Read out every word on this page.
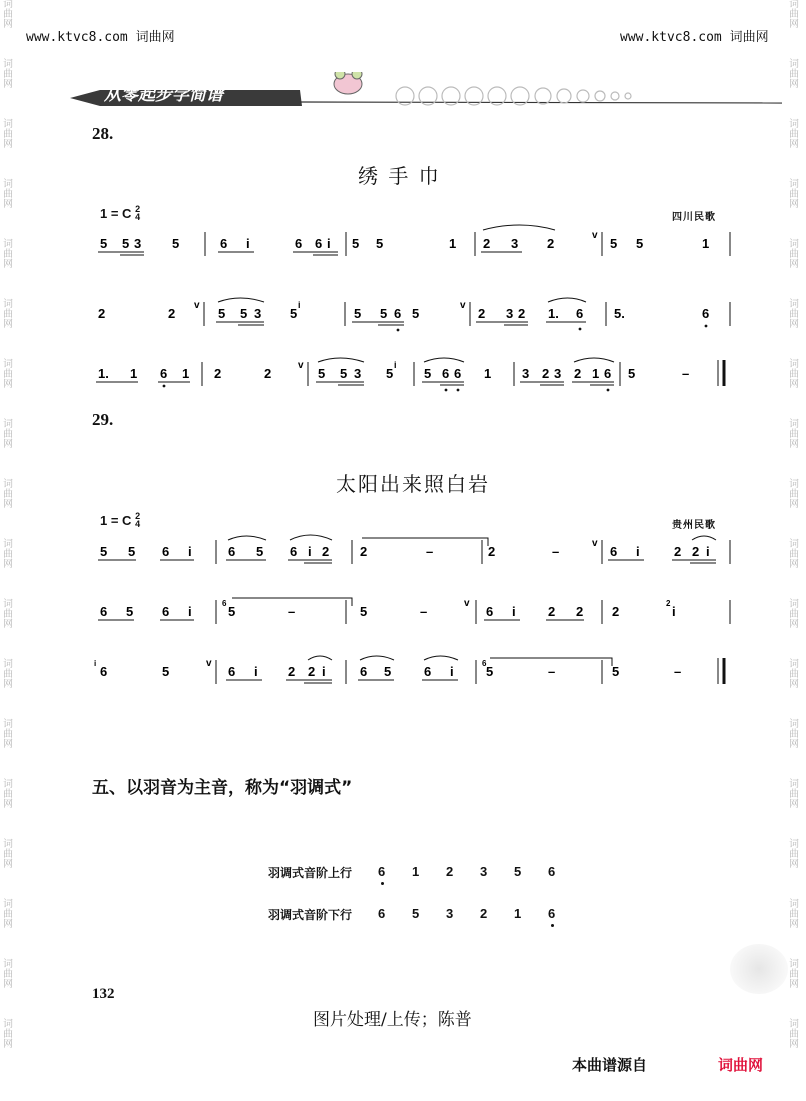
词
曲
网
词
曲
网
词
曲
网
词
曲
网
词
曲
网
词
曲
网
词
曲
网
词
曲
网
词
曲
网
词
曲
网
词
曲
网
词
曲
网
词
曲
网
词
曲
网
词
曲
网
词
曲
网
词
曲
网
词
曲
网
词
曲
网
词
曲
网
词
曲
网
词
曲
网
词
曲
网
词
曲
网
词
曲
网
词
曲
网
词
曲
网
词
曲
网
词
曲
网
词
曲
网
词
曲
网
词
曲
网
词
曲
网
词
曲
网
词
曲
网
词
曲
网
www.ktvc8.com 词曲网	www.ktvc8.com 词曲网
从零起步学简谱
28.
绣 手 巾
1 = C 2
4	四川民歌
5 5 3 5	6 i	6 6 i 5 5	1 2 3 2
v
5 5	1
2	2
v
5 5 3 5
i
5 5 6 5
v
2 3 2 1. 6 5.	6
1. 1 6 1 2	2
v
5 5 3 5
i
5 6 6 1 3 2 3 2 1 6 5	–
29.
太阳出来照白岩
1 = C 2
4	贵州民歌
5 5 6 i	6 5 6 i 2 2	–	2	–
v
6 i	2 2 i
6 5 6 i
6
5	–	5	–
v
6 i 2 2 2
2
i
i
6	5
v
6 i 2 2 i	6 5	6 i
6
5	–	5	–
五、以羽音为主音，称为“羽调式”
羽调式音阶上行 6 1 2 3 5 6
羽调式音阶下行 6 5 3 2 1 6
132
图片处理/上传；陈普
本曲谱源自	词曲网
